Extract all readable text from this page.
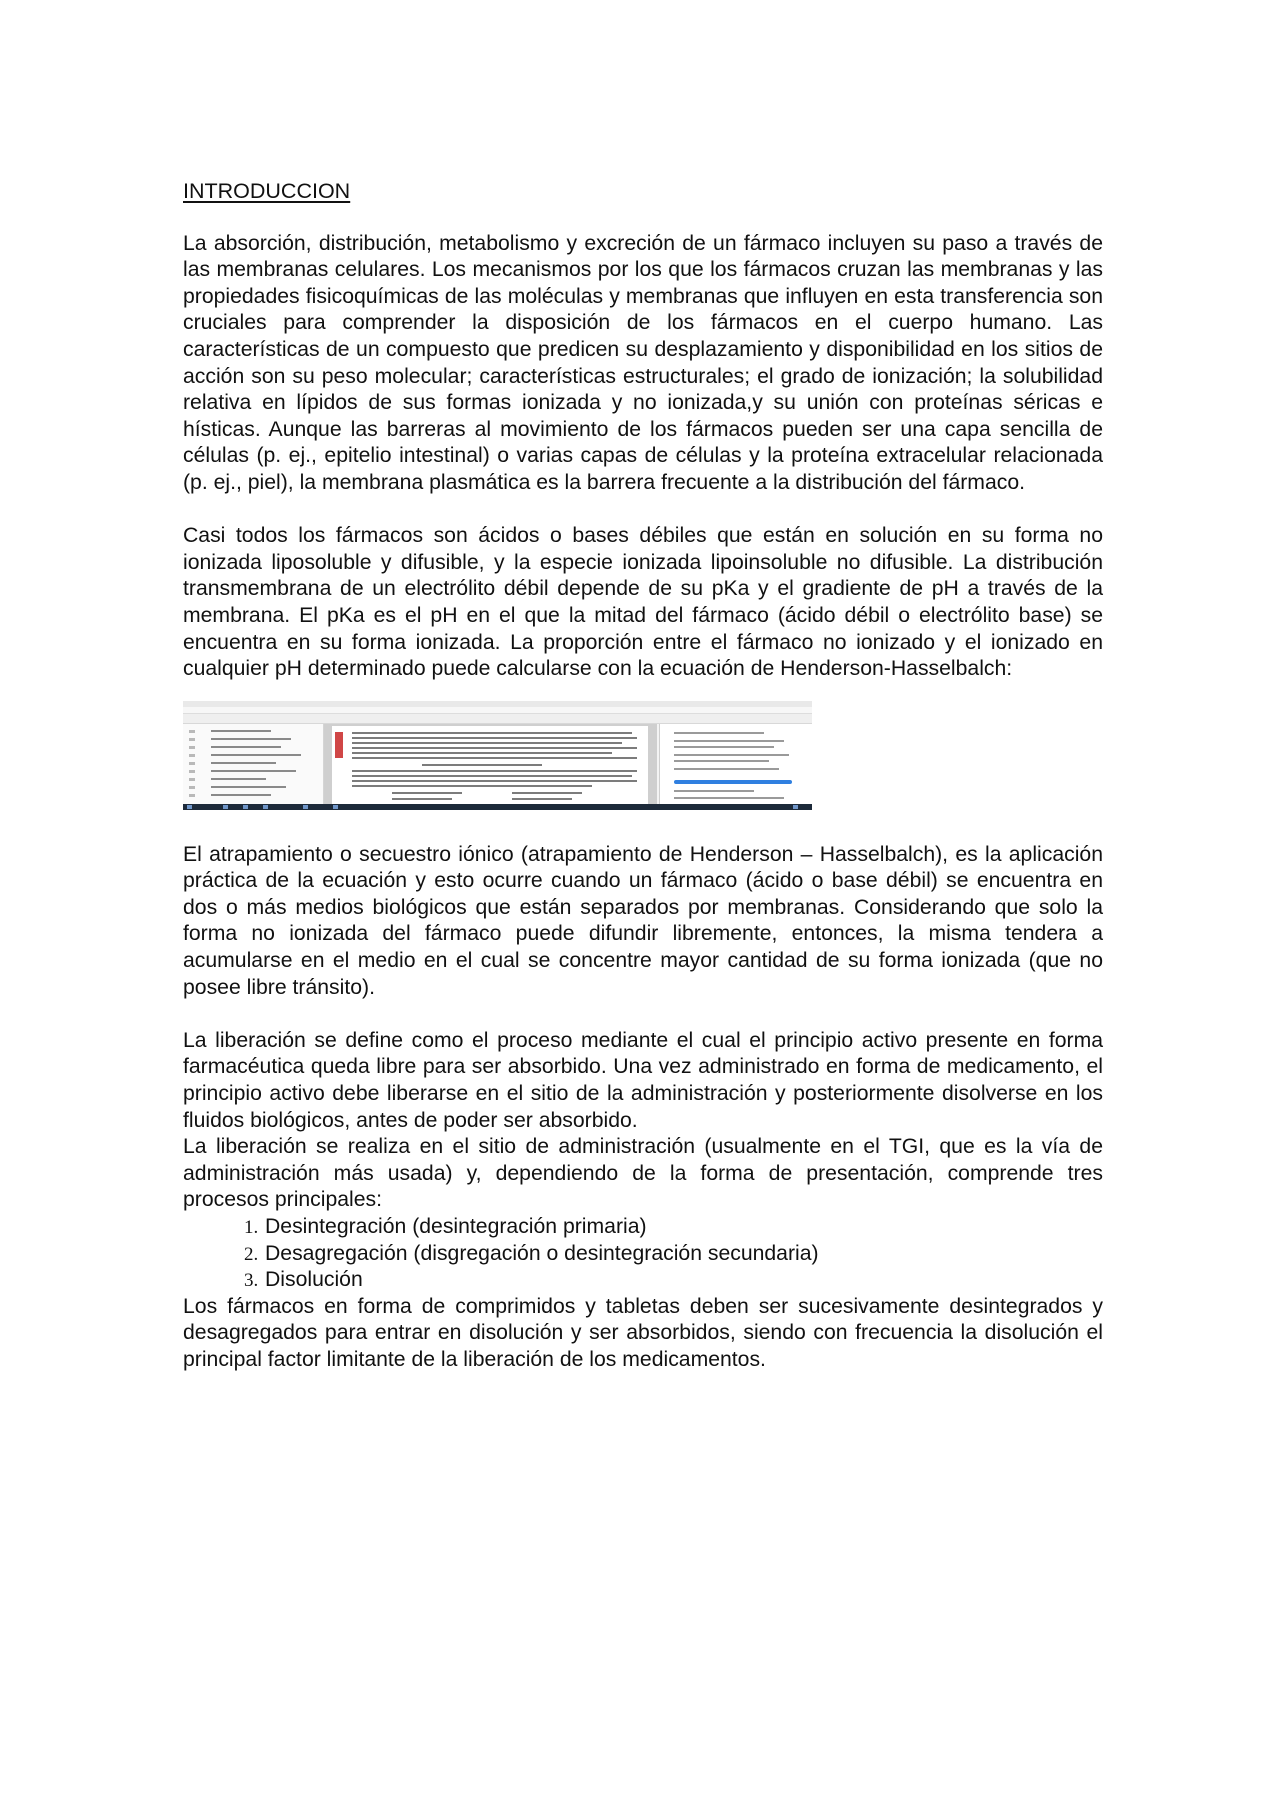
INTRODUCCION

La absorción, distribución, metabolismo y excreción de un fármaco incluyen su paso a través de las membranas celulares. Los mecanismos por los que los fármacos cruzan las membranas y las propiedades fisicoquímicas de las moléculas y membranas que influyen en esta transferencia son cruciales para comprender la disposición de los fármacos en el cuerpo humano. Las características de un compuesto que predicen su desplazamiento y disponibilidad en los sitios de acción son su peso molecular; características estructurales; el grado de ionización; la solubilidad relativa en lípidos de sus formas ionizada y no ionizada,y su unión con proteínas séricas e hísticas. Aunque las barreras al movimiento de los fármacos pueden ser una capa sencilla de células (p. ej., epitelio intestinal) o varias capas de células y la proteína extracelular relacionada (p. ej., piel), la membrana plasmática es la barrera frecuente a la distribución del fármaco.

Casi todos los fármacos son ácidos o bases débiles que están en solución en su forma no ionizada liposoluble y difusible, y la especie ionizada lipoinsoluble no difusible. La distribución transmembrana de un electrólito débil depende de su pKa y el gradiente de pH a través de la membrana. El pKa es el pH en el que la mitad del fármaco (ácido débil o electrólito base) se encuentra en su forma ionizada. La proporción entre el fármaco no ionizado y el ionizado en cualquier pH determinado puede calcularse con la ecuación de Henderson-Hasselbalch:

El atrapamiento o secuestro iónico (atrapamiento de Henderson – Hasselbalch), es la aplicación práctica de la ecuación y esto ocurre cuando un fármaco (ácido o base débil) se encuentra en dos o más medios biológicos que están separados por membranas. Considerando que solo la forma no ionizada del fármaco puede difundir libremente, entonces, la misma tendera a acumularse en el medio en el cual se concentre mayor cantidad de su forma ionizada (que no posee libre tránsito).

La liberación se define como el proceso mediante el cual el principio activo presente en forma farmacéutica queda libre para ser absorbido. Una vez administrado en forma de medicamento, el principio activo debe liberarse en el sitio de la administración y posteriormente disolverse en los fluidos biológicos, antes de poder ser absorbido.

La liberación se realiza en el sitio de administración (usualmente en el TGI, que es la vía de administración más usada) y, dependiendo de la forma de presentación, comprende tres procesos principales:

1. Desintegración (desintegración primaria)
2. Desagregación (disgregación o desintegración secundaria)
3. Disolución

Los fármacos en forma de comprimidos y tabletas deben ser sucesivamente desintegrados y desagregados para entrar en disolución y ser absorbidos, siendo con frecuencia la disolución el principal factor limitante de la liberación de los medicamentos.
